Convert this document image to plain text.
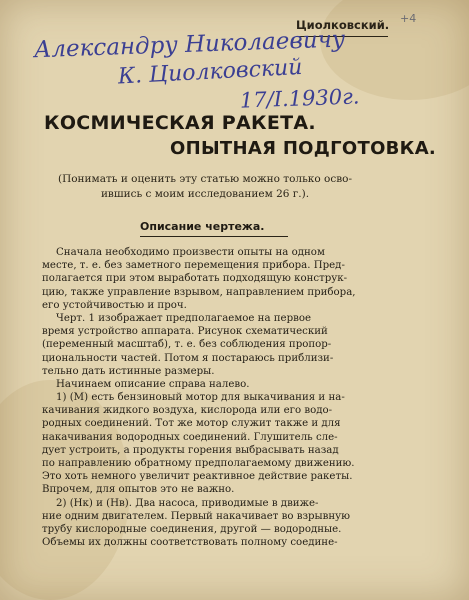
Циолковский. +4
Александру Николаевичу
К. Циолковский
17/I.1930г.
КОСМИЧЕСКАЯ РАКЕТА.
ОПЫТНАЯ ПОДГОТОВКА.
(Понимать и оценить эту статью можно только осво- ившись с моим исследованием 26 г.).
Описание чертежа.
Сначала необходимо произвести опыты на одном
месте, т. е. без заметного перемещения прибора. Пред-
полагается при этом выработать подходящую конструк-
цию, также управление взрывом, направлением прибора,
его устойчивостью и проч.
Черт. 1 изображает предполагаемое на первое
время устройство аппарата. Рисунок схематический
(переменный масштаб), т. е. без соблюдения пропор-
циональности частей. Потом я постараюсь приблизи-
тельно дать истинные размеры.
Начинаем описание справа налево.
1) (М) есть бензиновый мотор для выкачивания и на-
качивания жидкого воздуха, кислорода или его водо-
родных соединений. Тот же мотор служит также и для
накачивания водородных соединений. Глушитель сле-
дует устроить, а продукты горения выбрасывать назад
по направлению обратному предполагаемому движению.
Это хоть немного увеличит реактивное действие ракеты.
Впрочем, для опытов это не важно.
2) (Нк) и (Нв). Два насоса, приводимые в движе-
ние одним двигателем. Первый накачивает во взрывную
трубу кислородные соединения, другой — водородные.
Объемы их должны соответствовать полному соедине-
